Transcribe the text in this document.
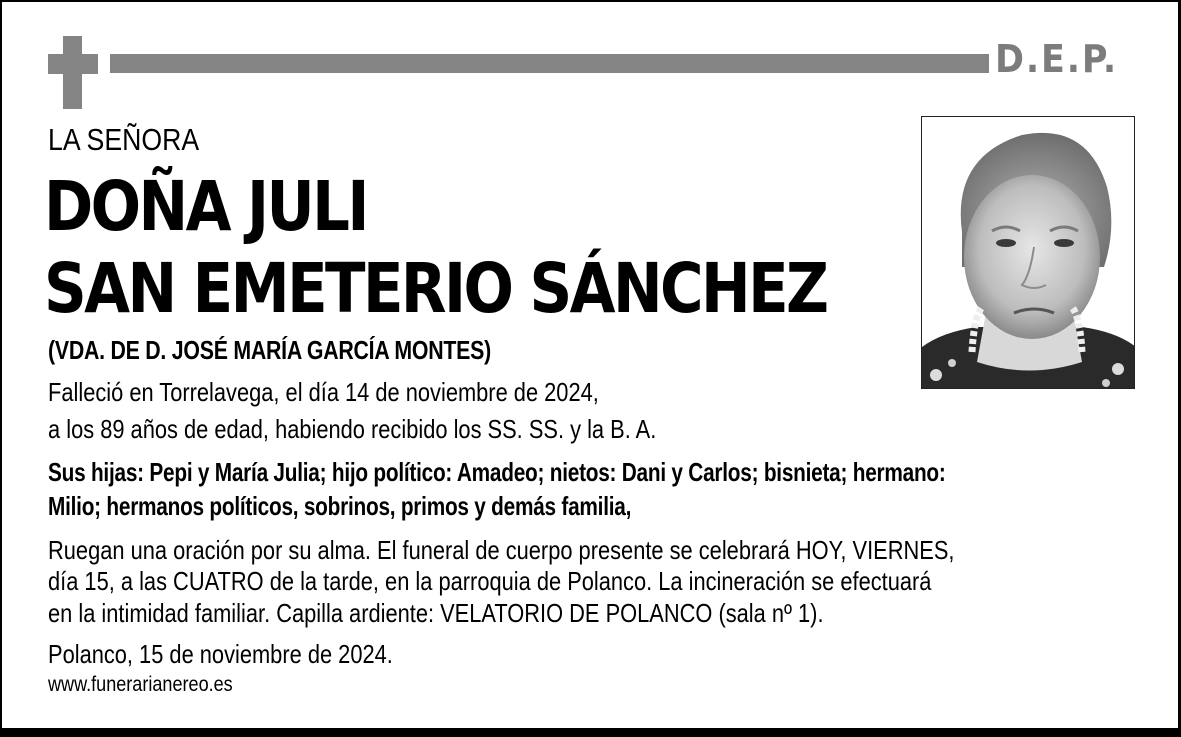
D.E.P.
LA SEÑORA
DOÑA JULI
SAN EMETERIO SÁNCHEZ
(VDA. DE D. JOSÉ MARÍA GARCÍA MONTES)
Falleció en Torrelavega, el día 14 de noviembre de 2024,
a los 89 años de edad, habiendo recibido los SS. SS. y la B. A.
Sus hijas: Pepi y María Julia; hijo político: Amadeo; nietos: Dani y Carlos; bisnieta; hermano:
Milio; hermanos políticos, sobrinos, primos y demás familia,
Ruegan una oración por su alma. El funeral de cuerpo presente se celebrará HOY, VIERNES,
día 15, a las CUATRO de la tarde, en la parroquia de Polanco. La incineración se efectuará
en la intimidad familiar. Capilla ardiente: VELATORIO DE POLANCO (sala nº 1).
Polanco, 15 de noviembre de 2024.
www.funerarianereo.es
